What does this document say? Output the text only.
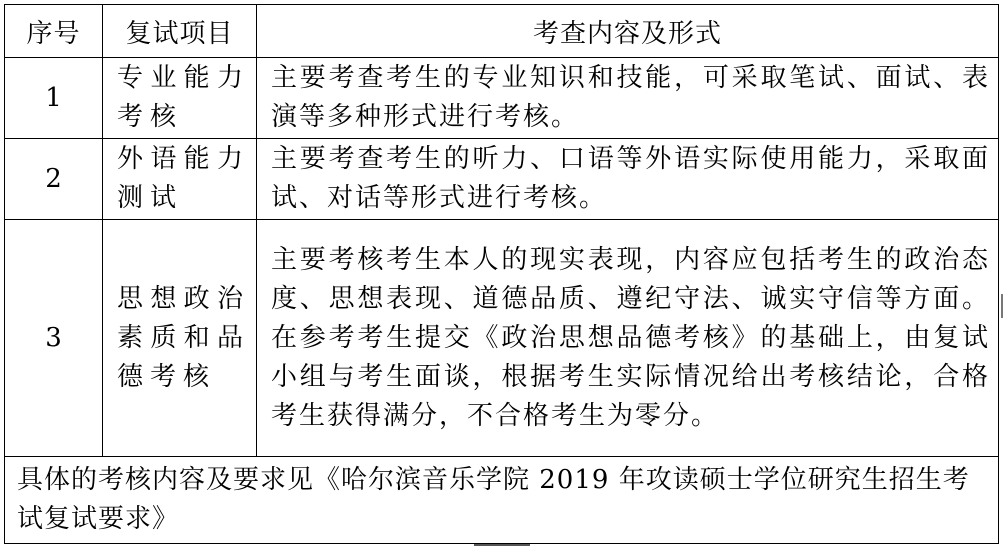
序号	复试项目	考查内容及形式
1	专业能力考核	主要考查考生的专业知识和技能，可采取笔试、面试、表演等多种形式进行考核。
2	外语能力测试	主要考查考生的听力、口语等外语实际使用能力，采取面试、对话等形式进行考核。
3	思想政治素质和品德考核	主要考核考生本人的现实表现，内容应包括考生的政治态度、思想表现、道德品质、遵纪守法、诚实守信等方面。在参考考生提交《政治思想品德考核》的基础上，由复试小组与考生面谈，根据考生实际情况给出考核结论，合格考生获得满分，不合格考生为零分。
具体的考核内容及要求见《哈尔滨音乐学院 2019 年攻读硕士学位研究生招生考试复试要求》		
